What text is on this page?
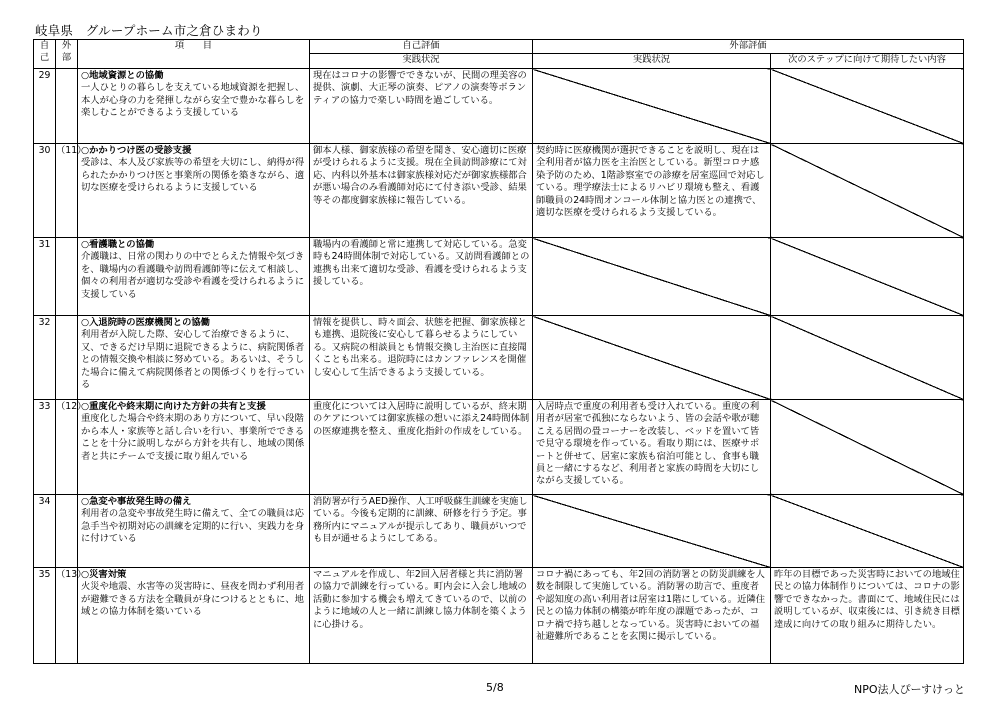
岐阜県　グループホーム市之倉ひまわり
自
己	外
部	項　　目	自己評価	外部評価	
			実践状況	実践状況	次のステップに向けて期待したい内容

29		○地域資源との協働
一人ひとりの暮らしを支えている地域資源を把握し、本人が心身の力を発揮しながら安全で豊かな暮らしを楽しむことができるよう支援している	現在はコロナの影響でできないが、民間の理美容の提供、演劇、大正琴の演奏、ピアノの演奏等ボランティアの協力で楽しい時間を過ごしている。		

30	（11）	○かかりつけ医の受診支援
受診は、本人及び家族等の希望を大切にし、納得が得られたかかりつけ医と事業所の関係を築きながら、適切な医療を受けられるように支援している	御本人様、御家族様の希望を聞き、安心適切に医療が受けられるように支援。現在全員訪問診療にて対応、内科以外基本は御家族様対応だが御家族様都合が悪い場合のみ看護師対応にて付き添い受診、結果等その都度御家族様に報告している。	契約時に医療機関が選択できることを説明し、現在は全利用者が協力医を主治医としている。新型コロナ感染予防のため、1階診察室での診療を居室巡回で対応している。理学療法士によるリハビリ環境も整え、看護師職員の24時間オンコール体制と協力医との連携で、適切な医療を受けられるよう支援している。	

31		○看護職との協働
介護職は、日常の関わりの中でとらえた情報や気づきを、職場内の看護職や訪問看護師等に伝えて相談し、個々の利用者が適切な受診や看護を受けられるように支援している	職場内の看護師と常に連携して対応している。急変時も24時間体制で対応している。又訪問看護師との連携も出来て適切な受診、看護を受けられるよう支援している。		

32		○入退院時の医療機関との協働
利用者が入院した際、安心して治療できるように、又、できるだけ早期に退院できるように、病院関係者との情報交換や相談に努めている。あるいは、そうした場合に備えて病院関係者との関係づくりを行っている	情報を提供し、時々面会、状態を把握、御家族様とも連携、退院後に安心して暮らせるようにしている。又病院の相談員とも情報交換し主治医に直接聞くことも出来る。退院時にはカンファレンスを開催し安心して生活できるよう支援している。		

33	（12）	○重度化や終末期に向けた方針の共有と支援
重度化した場合や終末期のあり方について、早い段階から本人・家族等と話し合いを行い、事業所でできることを十分に説明しながら方針を共有し、地域の関係者と共にチームで支援に取り組んでいる	重度化については入居時に説明しているが、終末期のケアについては御家族様の想いに添え24時間体制の医療連携を整え、重度化指針の作成をしている。	入居時点で重度の利用者も受け入れている。重度の利用者が居室で孤独にならないよう、皆の会話や歌が聴こえる居間の畳コーナーを改装し、ベッドを置いて皆で見守る環境を作っている。看取り期には、医療サポートと併せて、居室に家族も宿泊可能とし、食事も職員と一緒にするなど、利用者と家族の時間を大切にしながら支援している。	

34		○急変や事故発生時の備え
利用者の急変や事故発生時に備えて、全ての職員は応急手当や初期対応の訓練を定期的に行い、実践力を身に付けている	消防署が行うAED操作、人工呼吸蘇生訓練を実施している。今後も定期的に訓練、研修を行う予定。事務所内にマニュアルが提示してあり、職員がいつでも目が通せるようにしてある。		

35	（13）	○災害対策
火災や地震、水害等の災害時に、昼夜を問わず利用者が避難できる方法を全職員が身につけるとともに、地域との協力体制を築いている	マニュアルを作成し、年2回入居者様と共に消防署の協力で訓練を行っている。町内会に入会し地域の活動に参加する機会も増えてきているので、以前のように地域の人と一緒に訓練し協力体制を築くように心掛ける。	コロナ禍にあっても、年2回の消防署との防災訓練を人数を制限して実施している。消防署の助言で、重度者や認知度の高い利用者は居室は1階にしている。近隣住民との協力体制の構築が昨年度の課題であったが、コロナ禍で持ち越しとなっている。災害時においての福祉避難所であることを玄関に掲示している。	昨年の目標であった災害時においての地域住民との協力体制作りについては、コロナの影響でできなかった。書面にて、地域住民には説明しているが、収束後には、引き続き目標達成に向けての取り組みに期待したい。
5/8	NPO法人ぴーすけっと
